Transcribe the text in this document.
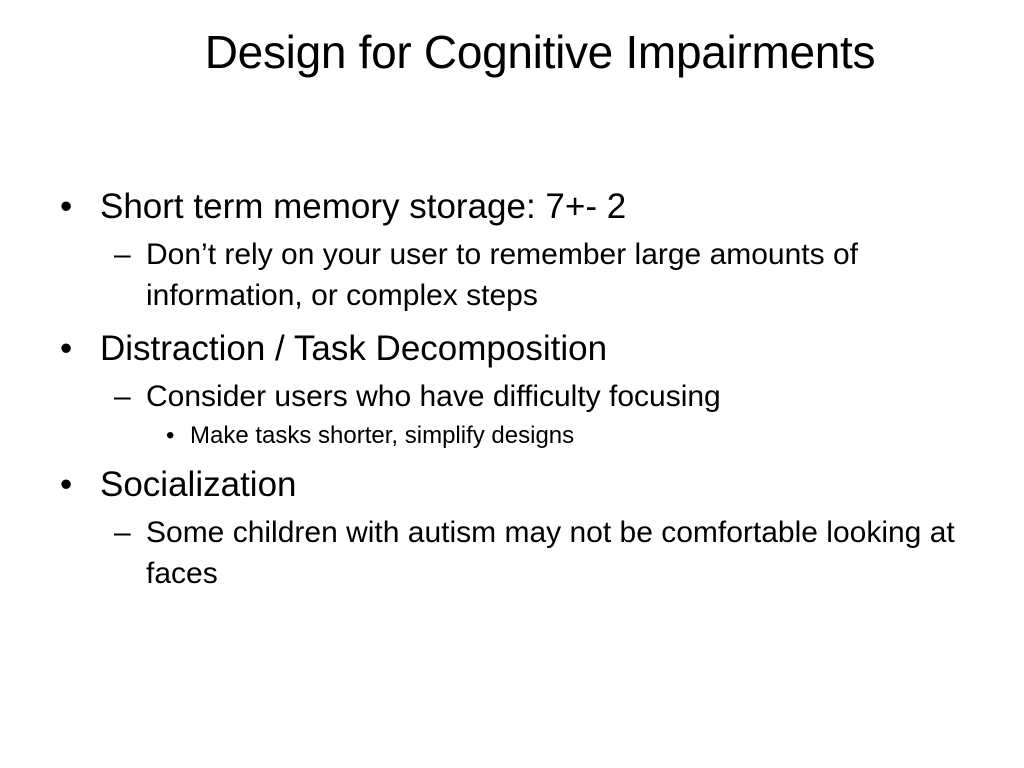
Design for Cognitive Impairments
• Short term memory storage: 7+- 2
– Don’t rely on your user to remember large amounts of information, or complex steps
• Distraction / Task Decomposition
– Consider users who have difficulty focusing
• Make tasks shorter, simplify designs
• Socialization
– Some children with autism may not be comfortable looking at faces
